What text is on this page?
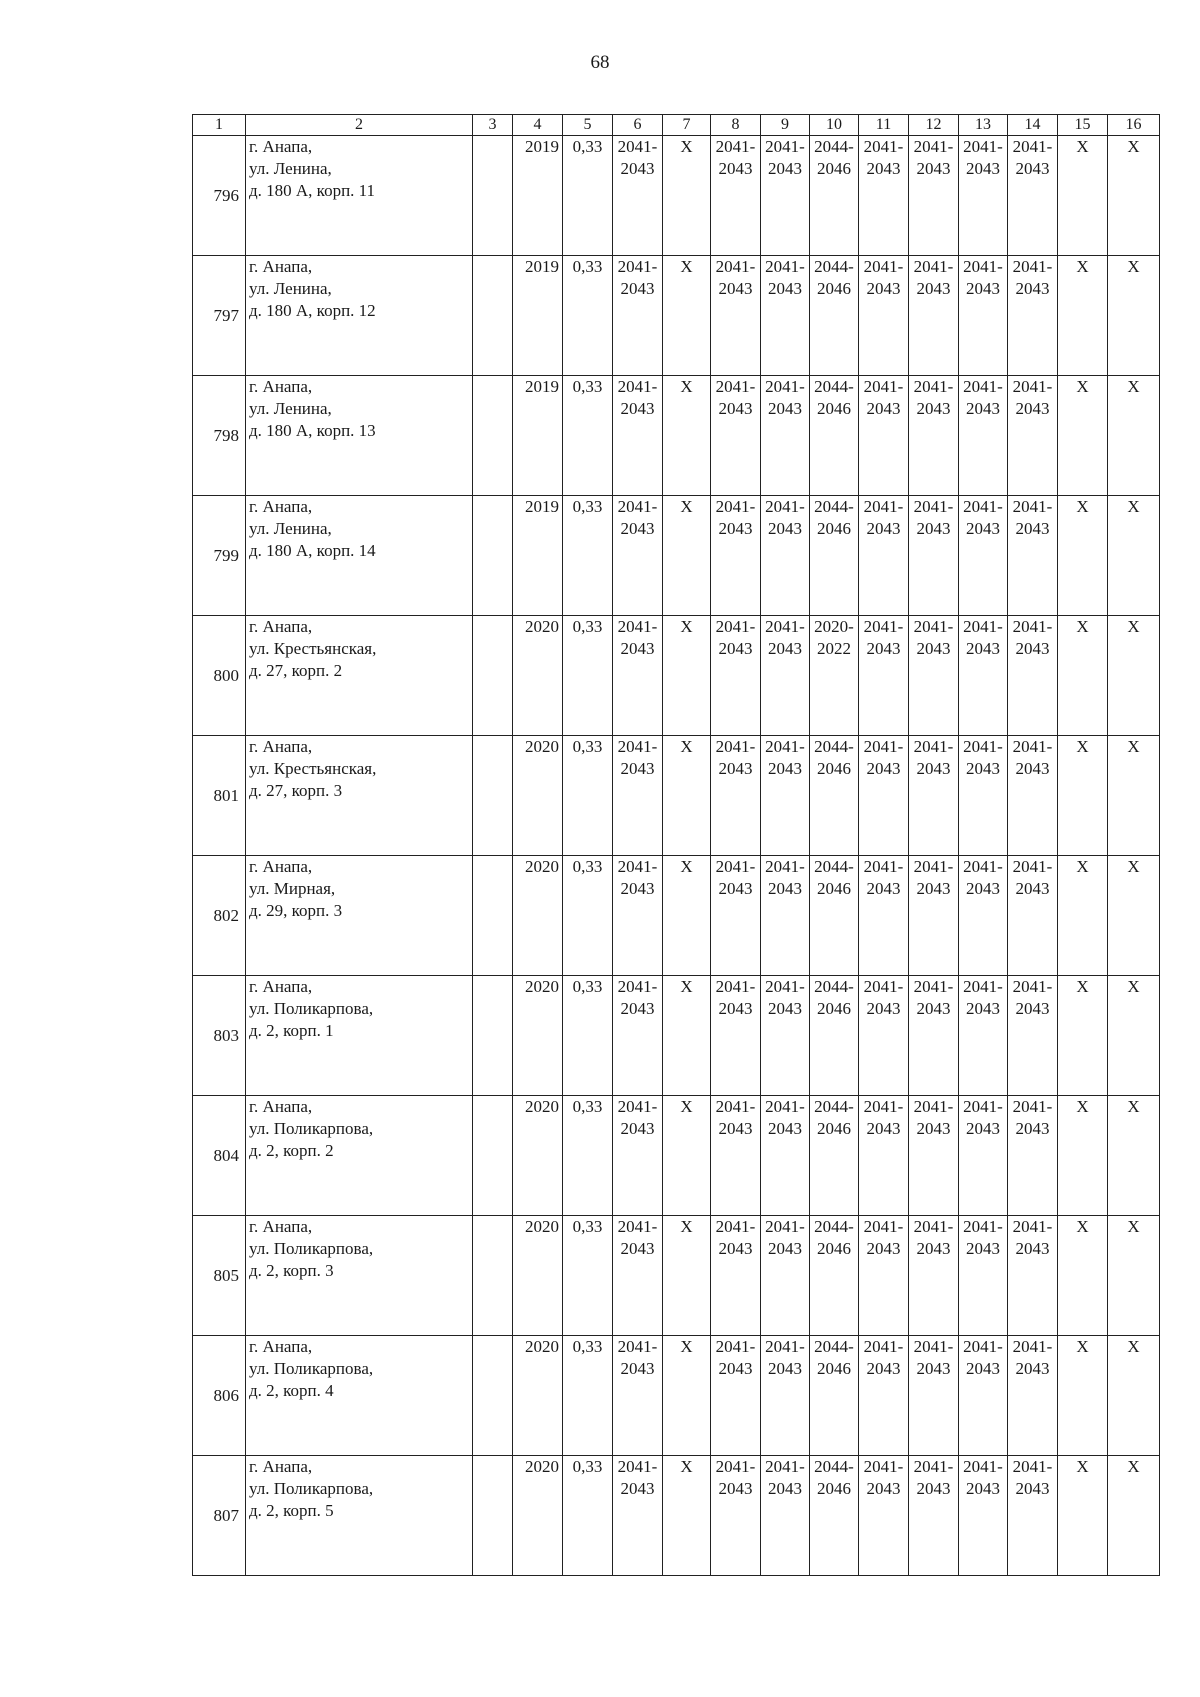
68
1	2	3	4	5	6	7	8	9	10	11	12	13	14	15	16
796	г. Анапа,
ул. Ленина,
д. 180 А, корп. 11		2019	0,33	2041-
2043	X	2041-
2043	2041-
2043	2044-
2046	2041-
2043	2041-
2043	2041-
2043	2041-
2043	X	X
797	г. Анапа,
ул. Ленина,
д. 180 А, корп. 12		2019	0,33	2041-
2043	X	2041-
2043	2041-
2043	2044-
2046	2041-
2043	2041-
2043	2041-
2043	2041-
2043	X	X
798	г. Анапа,
ул. Ленина,
д. 180 А, корп. 13		2019	0,33	2041-
2043	X	2041-
2043	2041-
2043	2044-
2046	2041-
2043	2041-
2043	2041-
2043	2041-
2043	X	X
799	г. Анапа,
ул. Ленина,
д. 180 А, корп. 14		2019	0,33	2041-
2043	X	2041-
2043	2041-
2043	2044-
2046	2041-
2043	2041-
2043	2041-
2043	2041-
2043	X	X
800	г. Анапа,
ул. Крестьянская,
д. 27, корп. 2		2020	0,33	2041-
2043	X	2041-
2043	2041-
2043	2020-
2022	2041-
2043	2041-
2043	2041-
2043	2041-
2043	X	X
801	г. Анапа,
ул. Крестьянская,
д. 27, корп. 3		2020	0,33	2041-
2043	X	2041-
2043	2041-
2043	2044-
2046	2041-
2043	2041-
2043	2041-
2043	2041-
2043	X	X
802	г. Анапа,
ул. Мирная,
д. 29, корп. 3		2020	0,33	2041-
2043	X	2041-
2043	2041-
2043	2044-
2046	2041-
2043	2041-
2043	2041-
2043	2041-
2043	X	X
803	г. Анапа,
ул. Поликарпова,
д. 2, корп. 1		2020	0,33	2041-
2043	X	2041-
2043	2041-
2043	2044-
2046	2041-
2043	2041-
2043	2041-
2043	2041-
2043	X	X
804	г. Анапа,
ул. Поликарпова,
д. 2, корп. 2		2020	0,33	2041-
2043	X	2041-
2043	2041-
2043	2044-
2046	2041-
2043	2041-
2043	2041-
2043	2041-
2043	X	X
805	г. Анапа,
ул. Поликарпова,
д. 2, корп. 3		2020	0,33	2041-
2043	X	2041-
2043	2041-
2043	2044-
2046	2041-
2043	2041-
2043	2041-
2043	2041-
2043	X	X
806	г. Анапа,
ул. Поликарпова,
д. 2, корп. 4		2020	0,33	2041-
2043	X	2041-
2043	2041-
2043	2044-
2046	2041-
2043	2041-
2043	2041-
2043	2041-
2043	X	X
807	г. Анапа,
ул. Поликарпова,
д. 2, корп. 5		2020	0,33	2041-
2043	X	2041-
2043	2041-
2043	2044-
2046	2041-
2043	2041-
2043	2041-
2043	2041-
2043	X	X
